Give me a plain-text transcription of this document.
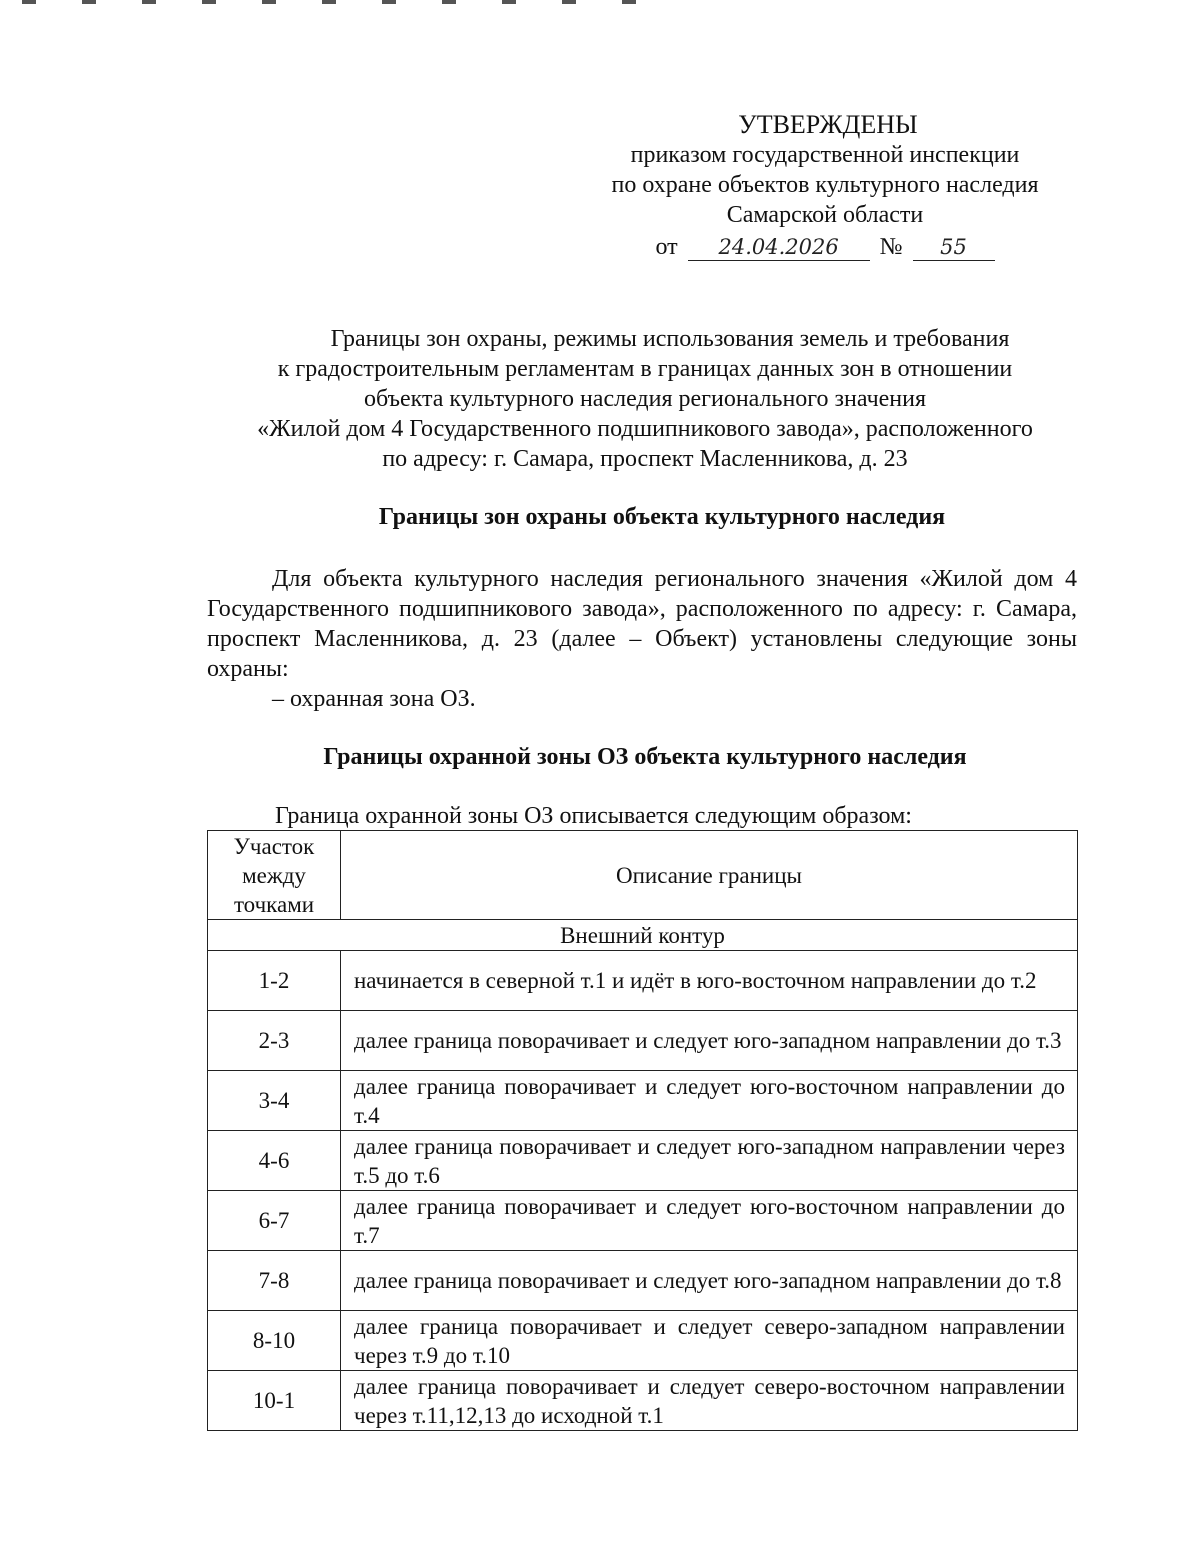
УТВЕРЖДЕНЫ
приказом государственной инспекции
по охране объектов культурного наследия
Самарской области
от 24.04.2026 № 55
Границы зон охраны, режимы использования земель и требования
к градостроительным регламентам в границах данных зон в отношении
объекта культурного наследия регионального значения
«Жилой дом 4 Государственного подшипникового завода», расположенного
по адресу: г. Самара, проспект Масленникова, д. 23
Границы зон охраны объекта культурного наследия
Для объекта культурного наследия регионального значения «Жилой дом 4 Государственного подшипникового завода», расположенного по адресу: г. Самара, проспект Масленникова, д. 23 (далее – Объект) установлены следующие зоны охраны:
– охранная зона ОЗ.
Границы охранной зоны ОЗ объекта культурного наследия
Граница охранной зоны ОЗ описывается следующим образом:
Участок
между
точками	Описание границы
Внешний контур	
1-2	начинается в северной т.1 и идёт в юго-восточном направлении до т.2
2-3	далее граница поворачивает и следует юго-западном направлении до т.3
3-4	далее граница поворачивает и следует юго-восточном направлении до т.4
4-6	далее граница поворачивает и следует юго-западном направлении через т.5 до т.6
6-7	далее граница поворачивает и следует юго-восточном направлении до т.7
7-8	далее граница поворачивает и следует юго-западном направлении до т.8
8-10	далее граница поворачивает и следует северо-западном направлении через т.9 до т.10
10-1	далее граница поворачивает и следует северо-восточном направлении через т.11,12,13 до исходной т.1
